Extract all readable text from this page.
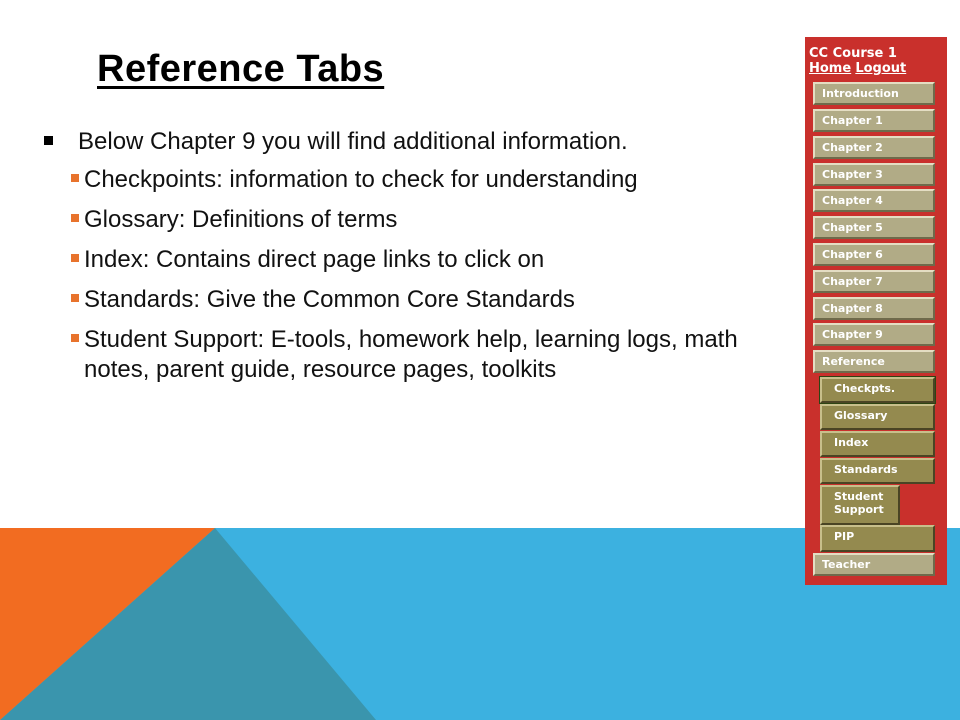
Reference Tabs

Below Chapter 9 you will find additional information.

Checkpoints: information to check for understanding

Glossary: Definitions of terms

Index: Contains direct page links to click on

Standards: Give the Common Core Standards

Student Support: E-tools, homework help, learning logs, math notes, parent guide, resource pages, toolkits

CC Course 1
Home Logout
Introduction
Chapter 1
Chapter 2
Chapter 3
Chapter 4
Chapter 5
Chapter 6
Chapter 7
Chapter 8
Chapter 9
Reference
Checkpts.
Glossary
Index
Standards
Student Support
PIP
Teacher
